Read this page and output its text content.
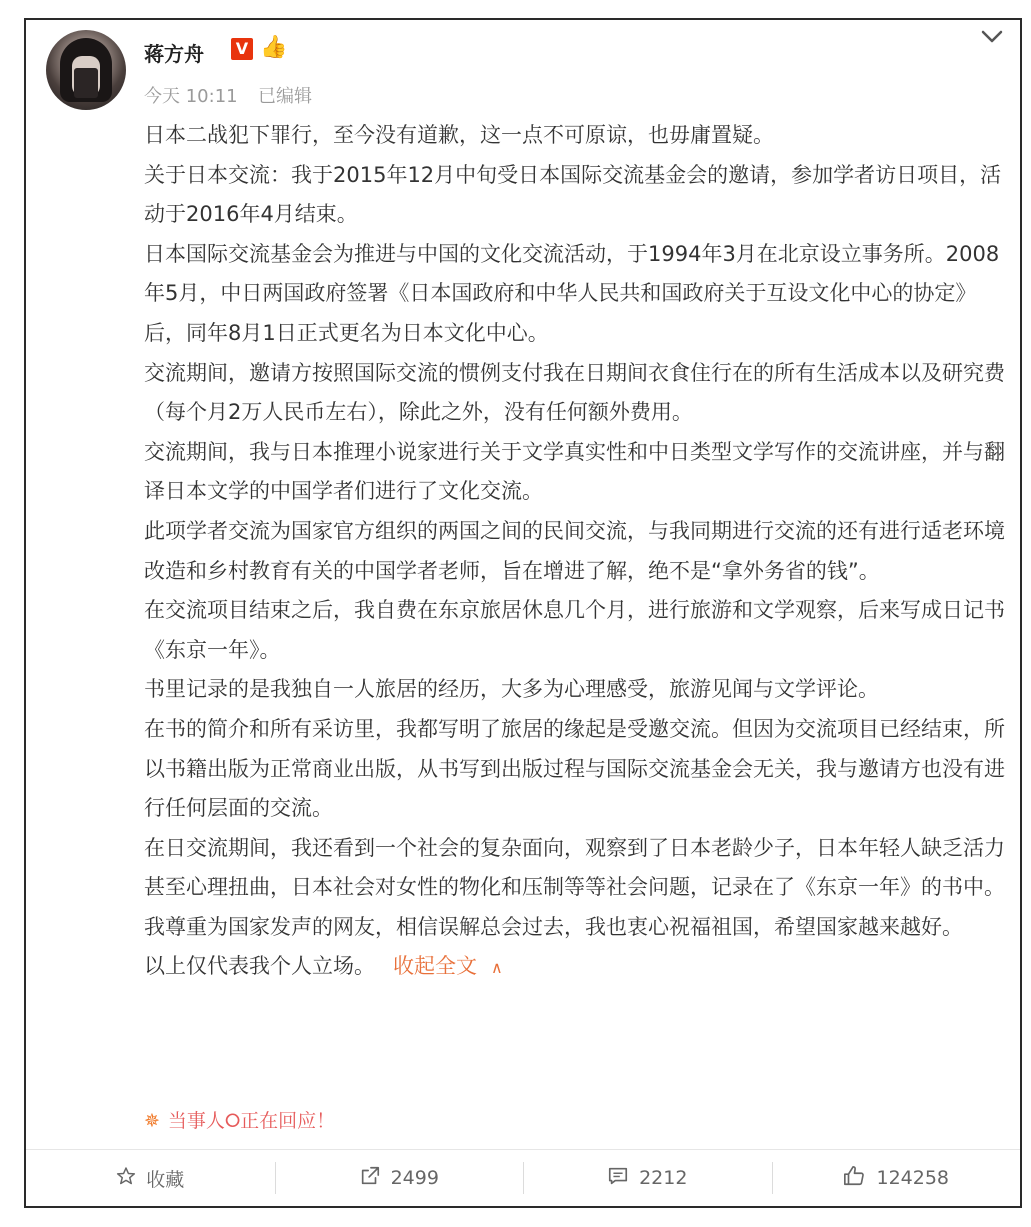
蒋方舟 V 👍
今天 10:11 已编辑

日本二战犯下罪行，至今没有道歉，这一点不可原谅，也毋庸置疑。

关于日本交流：我于2015年12月中旬受日本国际交流基金会的邀请，参加学者访日项目，活动于2016年4月结束。

日本国际交流基金会为推进与中国的文化交流活动，于1994年3月在北京设立事务所。2008年5月，中日两国政府签署《日本国政府和中华人民共和国政府关于互设文化中心的协定》后，同年8月1日正式更名为日本文化中心。

交流期间，邀请方按照国际交流的惯例支付我在日期间衣食住行在的所有生活成本以及研究费（每个月2万人民币左右），除此之外，没有任何额外费用。

交流期间，我与日本推理小说家进行关于文学真实性和中日类型文学写作的交流讲座，并与翻译日本文学的中国学者们进行了文化交流。

此项学者交流为国家官方组织的两国之间的民间交流，与我同期进行交流的还有进行适老环境改造和乡村教育有关的中国学者老师，旨在增进了解，绝不是“拿外务省的钱”。

在交流项目结束之后，我自费在东京旅居休息几个月，进行旅游和文学观察，后来写成日记书《东京一年》。

书里记录的是我独自一人旅居的经历，大多为心理感受，旅游见闻与文学评论。

在书的简介和所有采访里，我都写明了旅居的缘起是受邀交流。但因为交流项目已经结束，所以书籍出版为正常商业出版，从书写到出版过程与国际交流基金会无关，我与邀请方也没有进行任何层面的交流。

在日交流期间，我还看到一个社会的复杂面向，观察到了日本老龄少子，日本年轻人缺乏活力甚至心理扭曲，日本社会对女性的物化和压制等等社会问题，记录在了《东京一年》的书中。

我尊重为国家发声的网友，相信误解总会过去，我也衷心祝福祖国，希望国家越来越好。

以上仅代表我个人立场。 收起全文 ∧

✵ 当事人⭘正在回应！
收藏	2499	2212	124258
